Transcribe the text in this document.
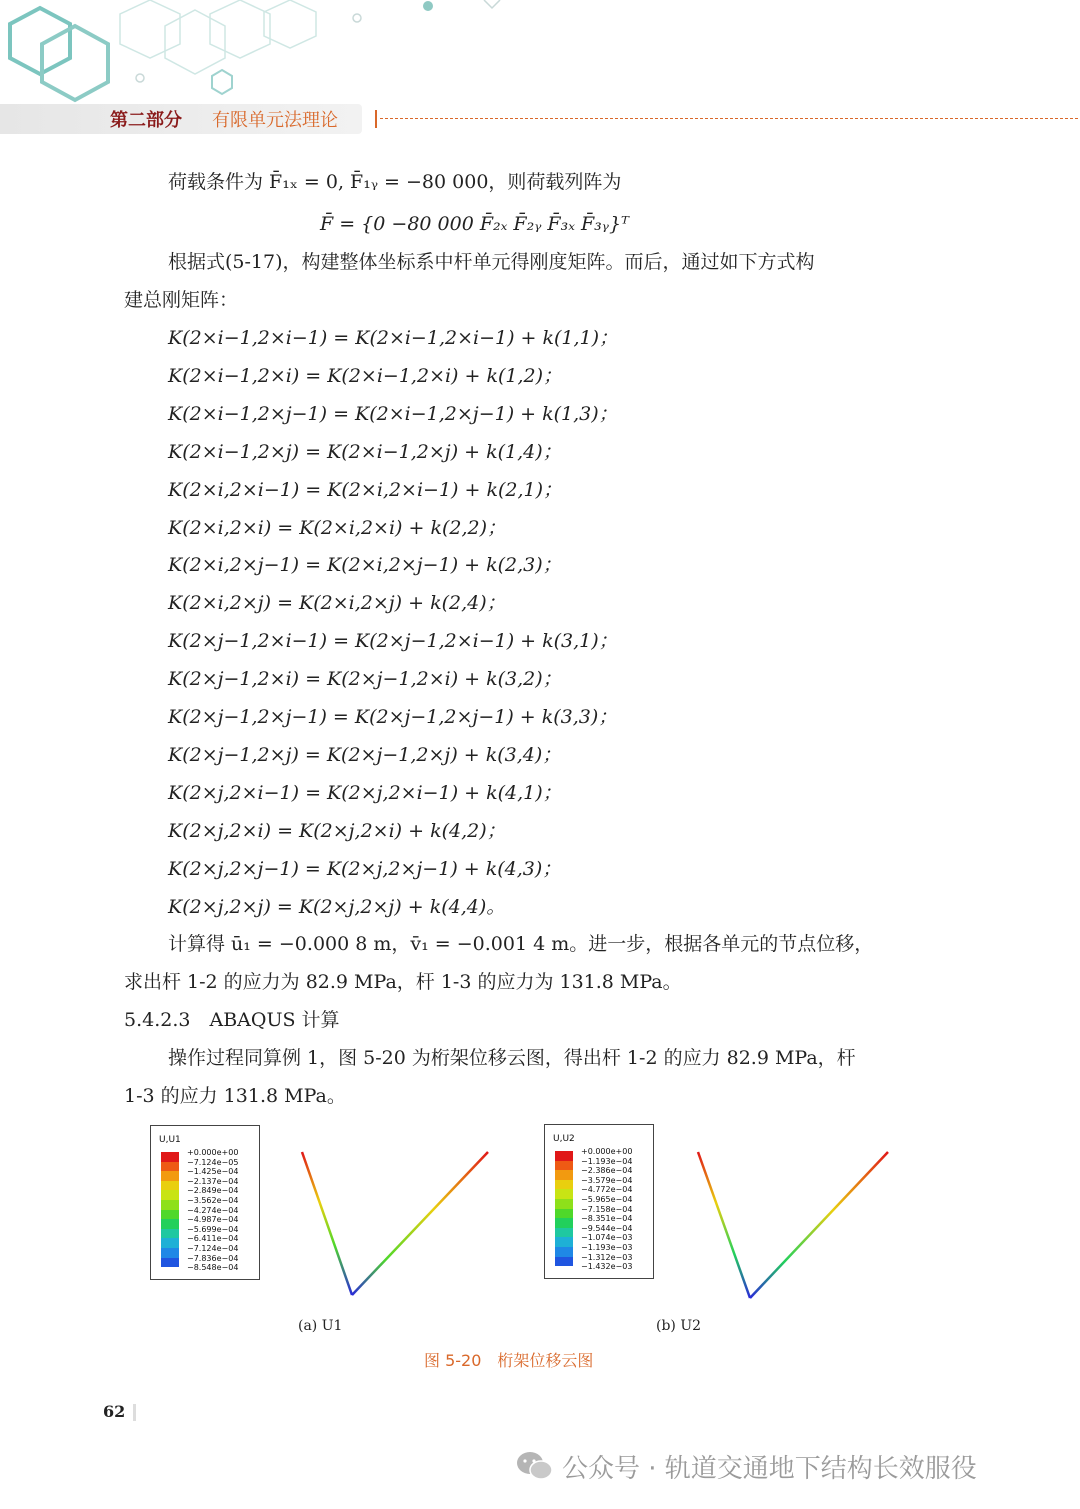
第二部分 有限单元法理论
荷载条件为 F̄₁ₓ = 0, F̄₁ᵧ = −80 000，则荷载列阵为
F̄ = {0 −80 000 F̄₂ₓ F̄₂ᵧ F̄₃ₓ F̄₃ᵧ}ᵀ
根据式(5-17)，构建整体坐标系中杆单元得刚度矩阵。而后，通过如下方式构
建总刚矩阵：
K(2×i−1,2×i−1) = K(2×i−1,2×i−1) + k(1,1)；
K(2×i−1,2×i) = K(2×i−1,2×i) + k(1,2)；
K(2×i−1,2×j−1) = K(2×i−1,2×j−1) + k(1,3)；
K(2×i−1,2×j) = K(2×i−1,2×j) + k(1,4)；
K(2×i,2×i−1) = K(2×i,2×i−1) + k(2,1)；
K(2×i,2×i) = K(2×i,2×i) + k(2,2)；
K(2×i,2×j−1) = K(2×i,2×j−1) + k(2,3)；
K(2×i,2×j) = K(2×i,2×j) + k(2,4)；
K(2×j−1,2×i−1) = K(2×j−1,2×i−1) + k(3,1)；
K(2×j−1,2×i) = K(2×j−1,2×i) + k(3,2)；
K(2×j−1,2×j−1) = K(2×j−1,2×j−1) + k(3,3)；
K(2×j−1,2×j) = K(2×j−1,2×j) + k(3,4)；
K(2×j,2×i−1) = K(2×j,2×i−1) + k(4,1)；
K(2×j,2×i) = K(2×j,2×i) + k(4,2)；
K(2×j,2×j−1) = K(2×j,2×j−1) + k(4,3)；
K(2×j,2×j) = K(2×j,2×j) + k(4,4)。
计算得 ū₁ = −0.000 8 m，v̄₁ = −0.001 4 m。进一步，根据各单元的节点位移，
求出杆 1-2 的应力为 82.9 MPa，杆 1-3 的应力为 131.8 MPa。
5.4.2.3　ABAQUS 计算
操作过程同算例 1，图 5-20 为桁架位移云图，得出杆 1-2 的应力 82.9 MPa，杆
1-3 的应力 131.8 MPa。
U,U1
+0.000e+00
−7.124e−05
−1.425e−04
−2.137e−04
−2.849e−04
−3.562e−04
−4.274e−04
−4.987e−04
−5.699e−04
−6.411e−04
−7.124e−04
−7.836e−04
−8.548e−04
(a) U1
U,U2
+0.000e+00
−1.193e−04
−2.386e−04
−3.579e−04
−4.772e−04
−5.965e−04
−7.158e−04
−8.351e−04
−9.544e−04
−1.074e−03
−1.193e−03
−1.312e−03
−1.432e−03
(b) U2
图 5-20　桁架位移云图
62
公众号 · 轨道交通地下结构长效服役
